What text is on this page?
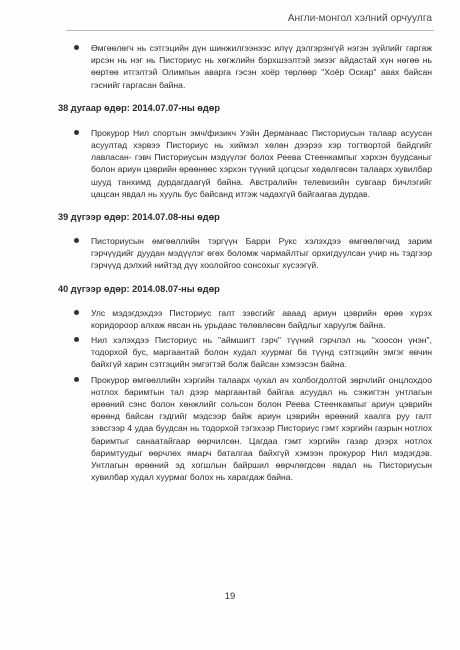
Англи-монгол хэлний орчуулга
Өмгөөлөгч нь сэтгэцийн дүн шинжилгээнээс илүү дэлгэрэнгүй нэгэн зүйлийг гаргаж ирсэн нь нэг нь Писториус нь хөгжлийн бэрхшээлтэй эмээг айдастай хүн нөгөө нь өөртөө итгэлтэй Олимпын аварга гэсэн хоёр төрлөөр "Хоёр Оскар" авах байсан гэснийг гаргасан байна.
38 дугаар өдөр: 2014.07.07-ны өдөр
Прокурор Нил спортын эмч/физикч Уэйн Дерманаас Писториусын талаар асуусан асуултад хэрвээ Писториус нь хиймэл хөлөн дээрээ хэр тогтвортой байдгийг лавласан- гэвч Писториусын мэдүүлэг болох Реева Стеенкампыг хэрхэн буудсаныг болон ариун цэврийн өрөөнөөс хэрхэн түүний цогцсыг хөдөлгөсөн талаарх хувилбар шууд танхимд дурдагдаагүй байна. Австралийн телевизийн сувгаар бичлэгийг цацсан явдал нь хууль бус байсанд итгэж чадахгүй байгаагаа дурдав.
39 дүгээр өдөр: 2014.07.08-ны өдөр
Писториусын өмгөөллийн тэргүүн Барри Рукс хэлэхдээ өмгөөлөгчид зарим гэрчүүдийг дуудан мэдүүлэг өгөх боломж чармайлтыг орхигдуулсан учир нь тэдгээр гэрчүүд дэлхий нийтэд дүү хоолойгоо сонсохыг хүсээгүй.
40 дүгээр өдөр: 2014.08.07-ны өдөр
Улс мэдэгдэхдээ Писториус галт зэвсгийг аваад ариун цэврийн өрөө хүрэх коридороор алхаж явсан нь урьдаас төлөвлөсөн байдлыг харуулж байна.
Нил хэлэхдээ Писториус нь "аймшигт гэрч" түүний гэрчлэл нь "хоосон үнэн", тодорхой бус, маргаантай болон худал хуурмаг ба түүнд сэтгэцийн эмгэг өвчин байхгүй харин сэтгэцийн эмгэгтэй болж байсан хэмээсэн байна.
Прокурор өмгөөллийн хэргийн талаарх чухал ач холбогдолтой зөрчлийг онцлохдоо нотлох баримтын тал дээр маргаантай байгаа асуудал нь сэжигтэн унтлагын өрөөний сэнс болон хөнжлийг сольсон болон Реева Стеенкампыг ариун цэврийн өрөөнд байсан гэдгийг мэдсээр байж ариун цэврийн өрөөний хаалга руу галт зэвсгээр 4 удаа буудсан нь тодорхой тэгэхээр Писториус гэмт хэргийн газрын нотлох баримтыг санаатайгаар өөрчилсөн. Цагдаа гэмт хэргийн газар дээрх нотлох баримтуудыг өөрчлөх ямарч баталгаа байхгүй хэмээн прокурор Нил мэдэгдэв. Унтлагын өрөөний эд хогшлын байршил өөрчлөгдсөн явдал нь Писториусын хувилбар худал хуурмаг болох нь харагдаж байна.
19
